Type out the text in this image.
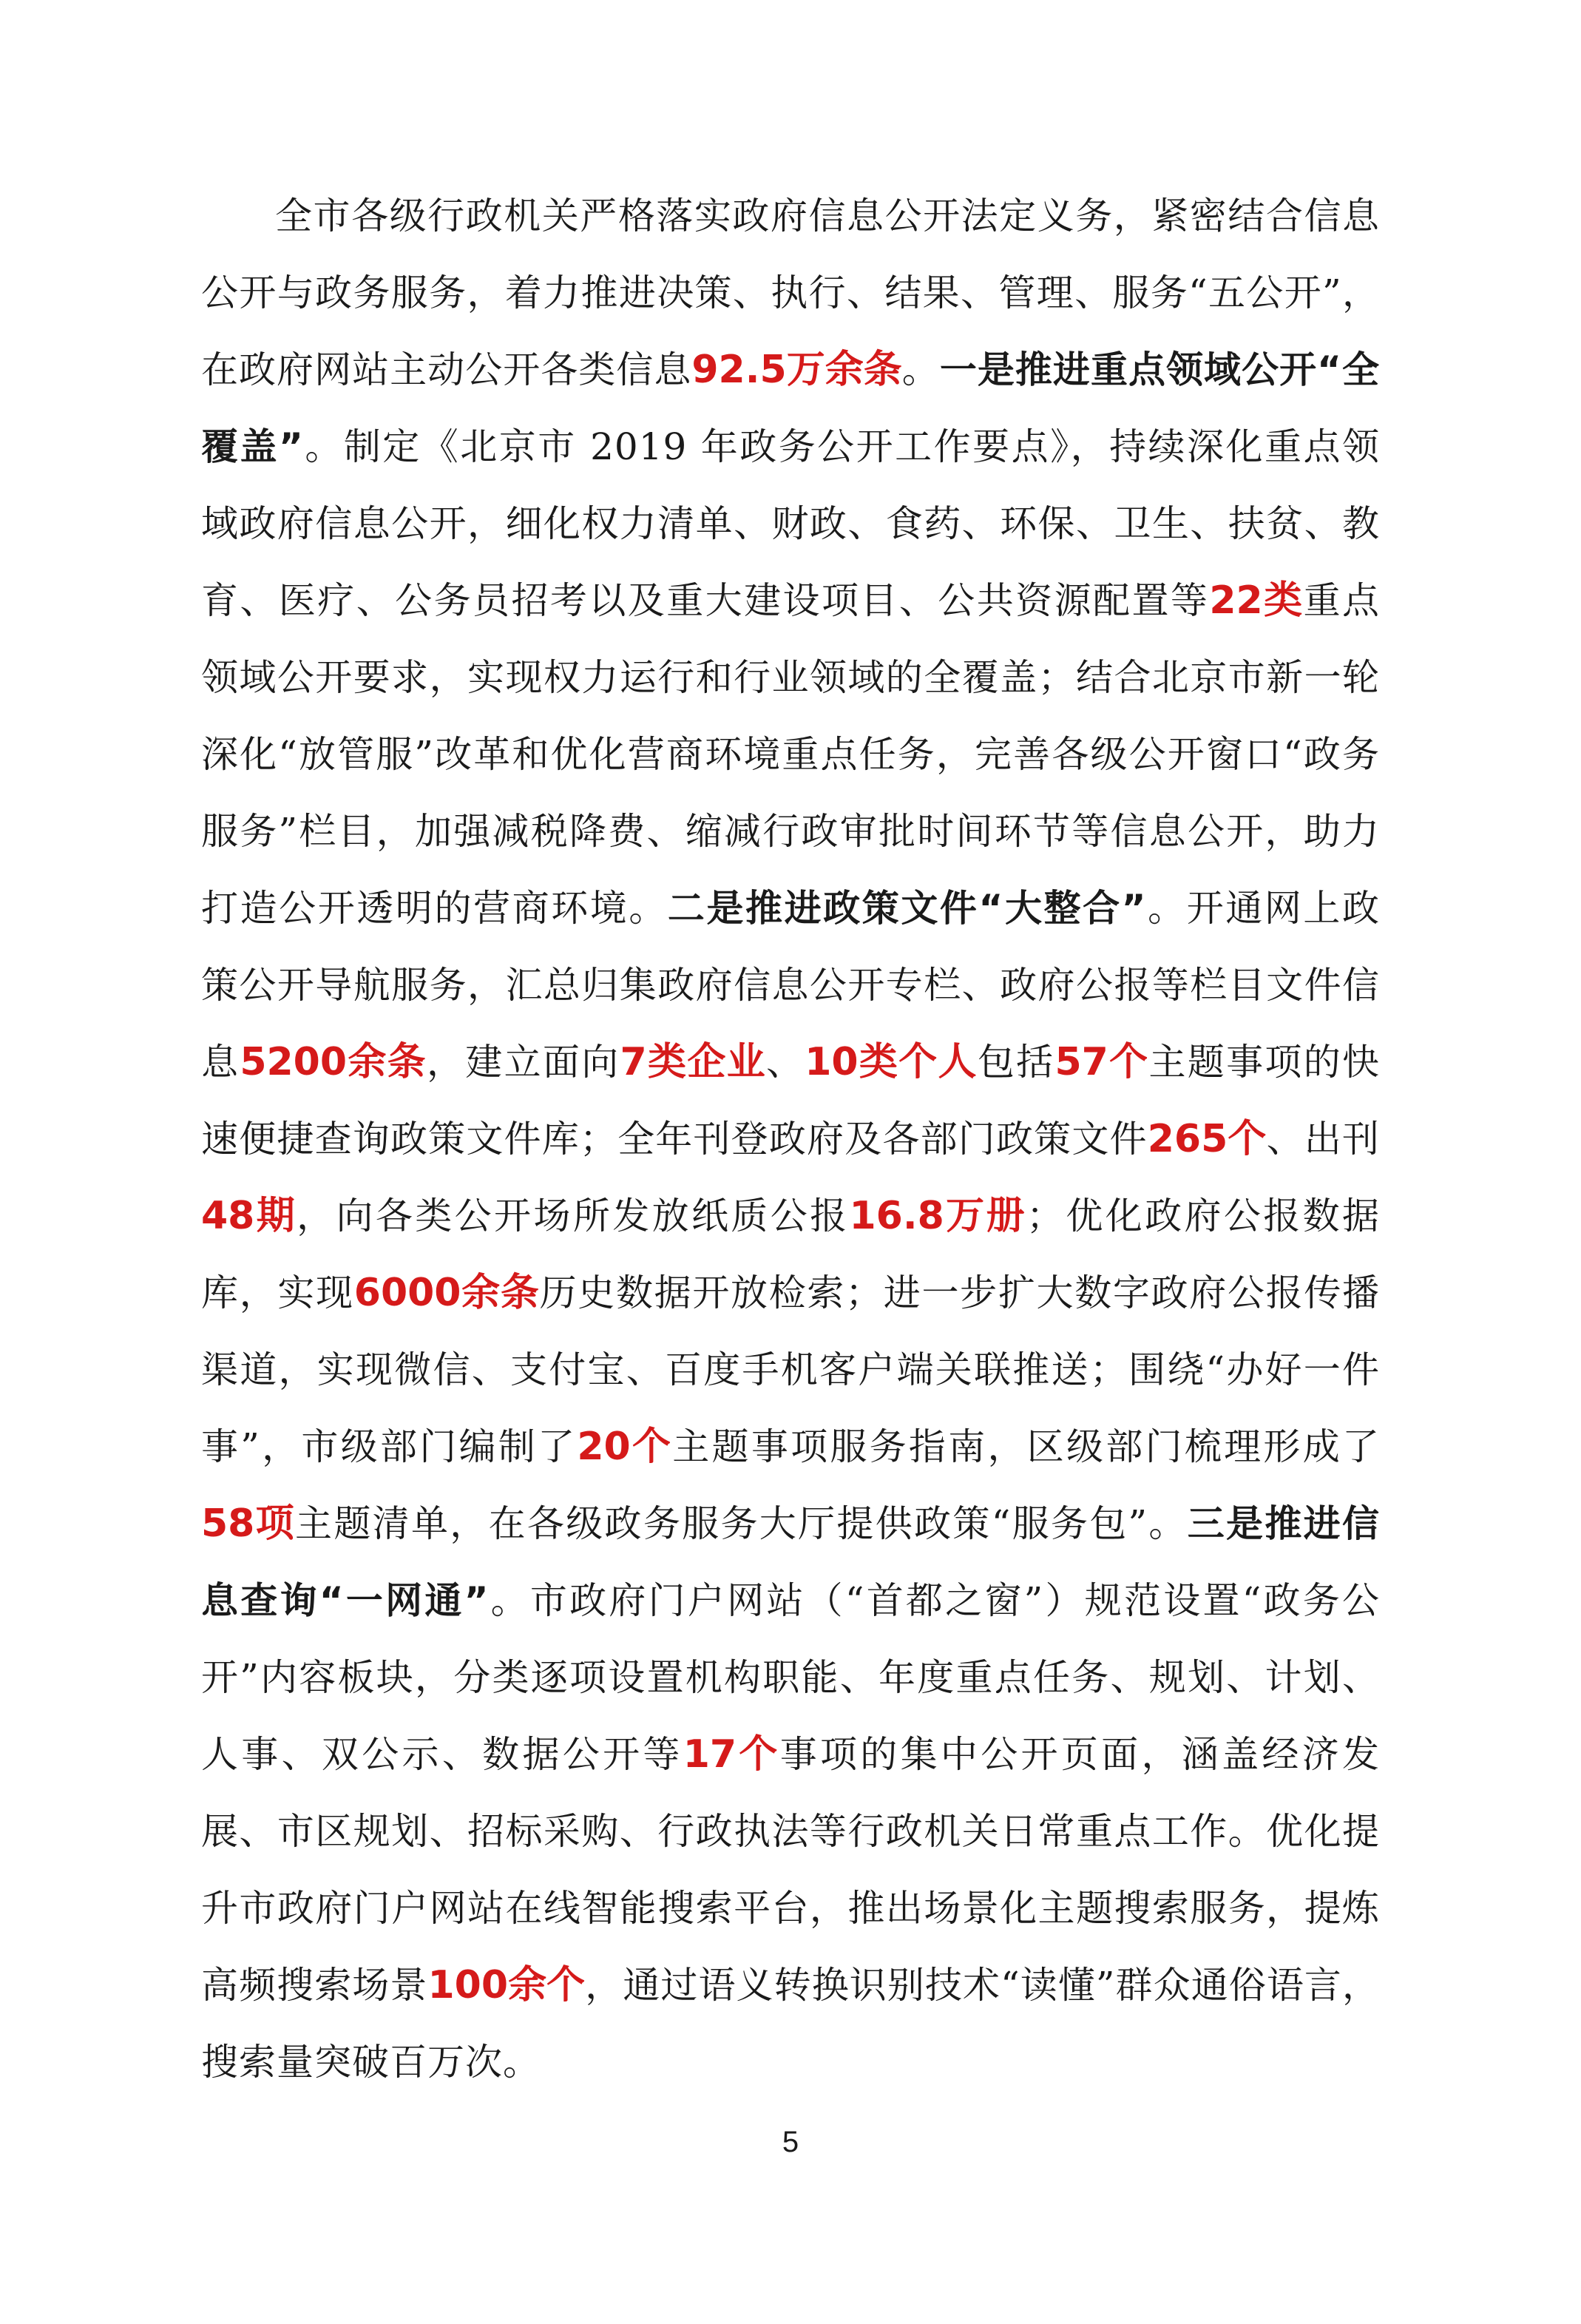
全市各级行政机关严格落实政府信息公开法定义务，紧密结合信息公开与政务服务，着力推进决策、执行、结果、管理、服务“五公开”，在政府网站主动公开各类信息92.5万余条。一是推进重点领域公开“全覆盖”。制定《北京市 2019 年政务公开工作要点》，持续深化重点领域政府信息公开，细化权力清单、财政、食药、环保、卫生、扶贫、教育、医疗、公务员招考以及重大建设项目、公共资源配置等22类重点领域公开要求，实现权力运行和行业领域的全覆盖；结合北京市新一轮深化“放管服”改革和优化营商环境重点任务，完善各级公开窗口“政务服务”栏目，加强减税降费、缩减行政审批时间环节等信息公开，助力打造公开透明的营商环境。二是推进政策文件“大整合”。开通网上政策公开导航服务，汇总归集政府信息公开专栏、政府公报等栏目文件信息5200余条，建立面向7类企业、10类个人包括57个主题事项的快速便捷查询政策文件库；全年刊登政府及各部门政策文件265个、出刊48期，向各类公开场所发放纸质公报16.8万册；优化政府公报数据库，实现6000余条历史数据开放检索；进一步扩大数字政府公报传播渠道，实现微信、支付宝、百度手机客户端关联推送；围绕“办好一件事”，市级部门编制了20个主题事项服务指南，区级部门梳理形成了58项主题清单，在各级政务服务大厅提供政策“服务包”。三是推进信息查询“一网通”。市政府门户网站（“首都之窗”）规范设置“政务公开”内容板块，分类逐项设置机构职能、年度重点任务、规划、计划、人事、双公示、数据公开等17个事项的集中公开页面，涵盖经济发展、市区规划、招标采购、行政执法等行政机关日常重点工作。优化提升市政府门户网站在线智能搜索平台，推出场景化主题搜索服务，提炼高频搜索场景100余个，通过语义转换识别技术“读懂”群众通俗语言，搜索量突破百万次。

5
